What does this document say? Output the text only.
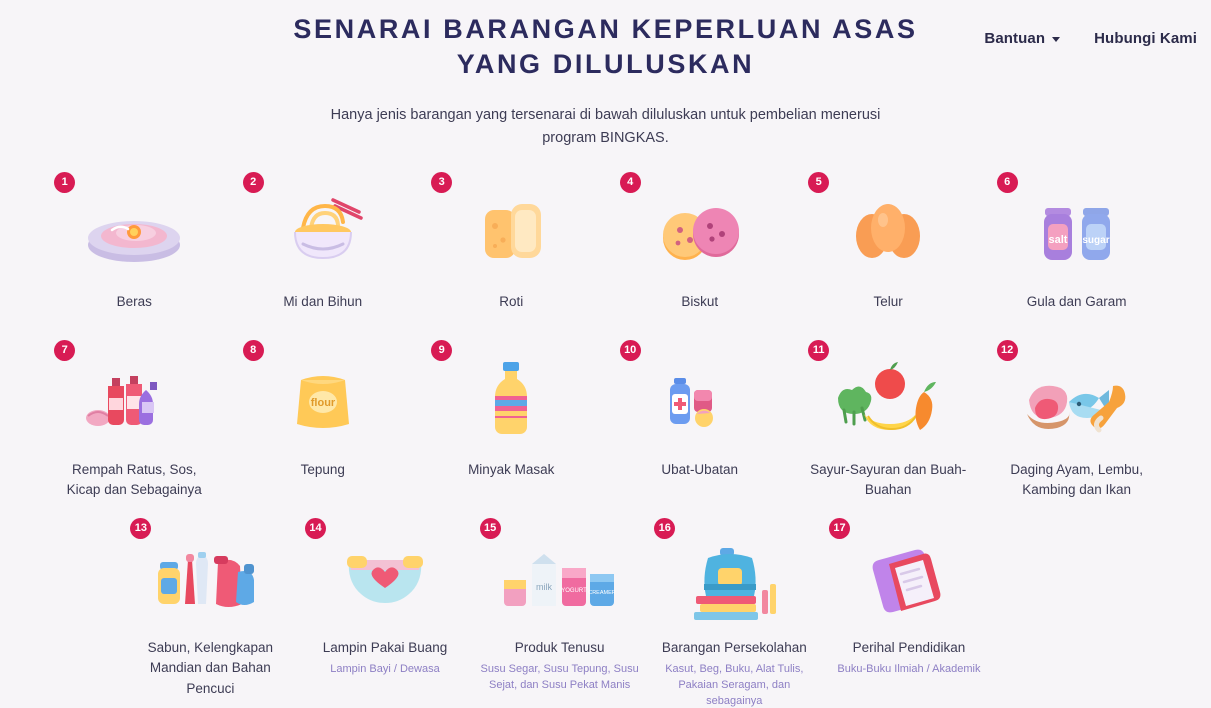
Bantuan	Hubungi Kami
SENARAI BARANGAN KEPERLUAN ASAS YANG DILULUSKAN

Hanya jenis barangan yang tersenarai di bawah diluluskan untuk pembelian menerusi program BINGKAS.

1
Beras
2
Mi dan Bihun
3
Roti
4
Biskut
5
Telur
6
salt sugar
Gula dan Garam
7
Rempah Ratus, Sos, Kicap dan Sebagainya
8
flour
Tepung
9
Minyak Masak
10
Ubat-Ubatan
11
Sayur-Sayuran dan Buah-Buahan
12
Daging Ayam, Lembu, Kambing dan Ikan
13
Sabun, Kelengkapan Mandian dan Bahan Pencuci
14
Lampin Pakai Buang
Lampin Bayi / Dewasa
15
milk YOGURT CREAMER
Produk Tenusu
Susu Segar, Susu Tepung, Susu Sejat, dan Susu Pekat Manis
16
Barangan Persekolahan
Kasut, Beg, Buku, Alat Tulis, Pakaian Seragam, dan sebagainya
17
Perihal Pendidikan
Buku-Buku Ilmiah / Akademik
